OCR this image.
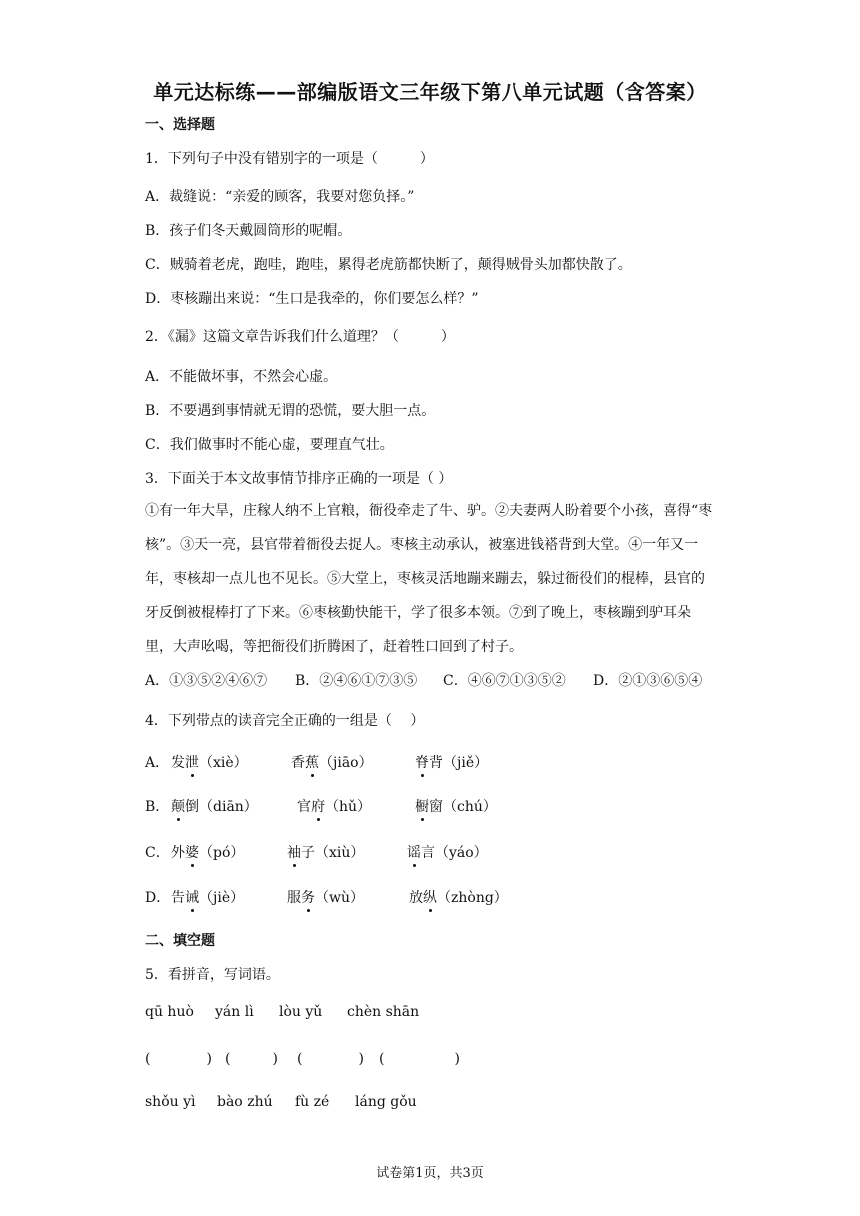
单元达标练——部编版语文三年级下第八单元试题（含答案）
一、选择题
1．下列句子中没有错别字的一项是（　　　）
A．裁缝说：“亲爱的顾客，我要对您负择。”
B．孩子们冬天戴圆筒形的呢帽。
C．贼骑着老虎，跑哇，跑哇，累得老虎筋都快断了，颠得贼骨头加都快散了。
D．枣核蹦出来说：“生口是我牵的，你们要怎么样？”
2．《漏》这篇文章告诉我们什么道理？（　　　）
A．不能做坏事，不然会心虚。
B．不要遇到事情就无谓的恐慌，要大胆一点。
C．我们做事时不能心虚，要理直气壮。
3．下面关于本文故事情节排序正确的一项是（ ）
①有一年大旱，庄稼人纳不上官粮，衙役牵走了牛、驴。②夫妻两人盼着要个小孩，喜得“枣核”。③天一亮，县官带着衙役去捉人。枣核主动承认，被塞进钱褡背到大堂。④一年又一年，枣核却一点儿也不见长。⑤大堂上，枣核灵活地蹦来蹦去，躲过衙役们的棍棒，县官的牙反倒被棍棒打了下来。⑥枣核勤快能干，学了很多本领。⑦到了晚上，枣核蹦到驴耳朵里，大声吆喝，等把衙役们折腾困了，赶着牲口回到了村子。
A．①③⑤②④⑥⑦ B．②④⑥①⑦③⑤ C．④⑥⑦①③⑤② D．②①③⑥⑤④
4．下列带点的读音完全正确的一组是（　 ）
A． 发泄（xiè）	香蕉（jiāo）	脊背（jiě）
B． 颠倒（diān）	官府（hǔ）	橱窗（chú）
C． 外婆（pó）	袖子（xiù）	谣言（yáo）
D． 告诫（jiè）	服务（wù）	放纵（zhòng）
二、填空题
5．看拼音，写词语。
qū huò yán lì lòu yǔ chèn shān
(　　　　) (　　　) (　　　　) (　　　　　)
shǒu yì bào zhú fù zé láng gǒu
试卷第1页，共3页
